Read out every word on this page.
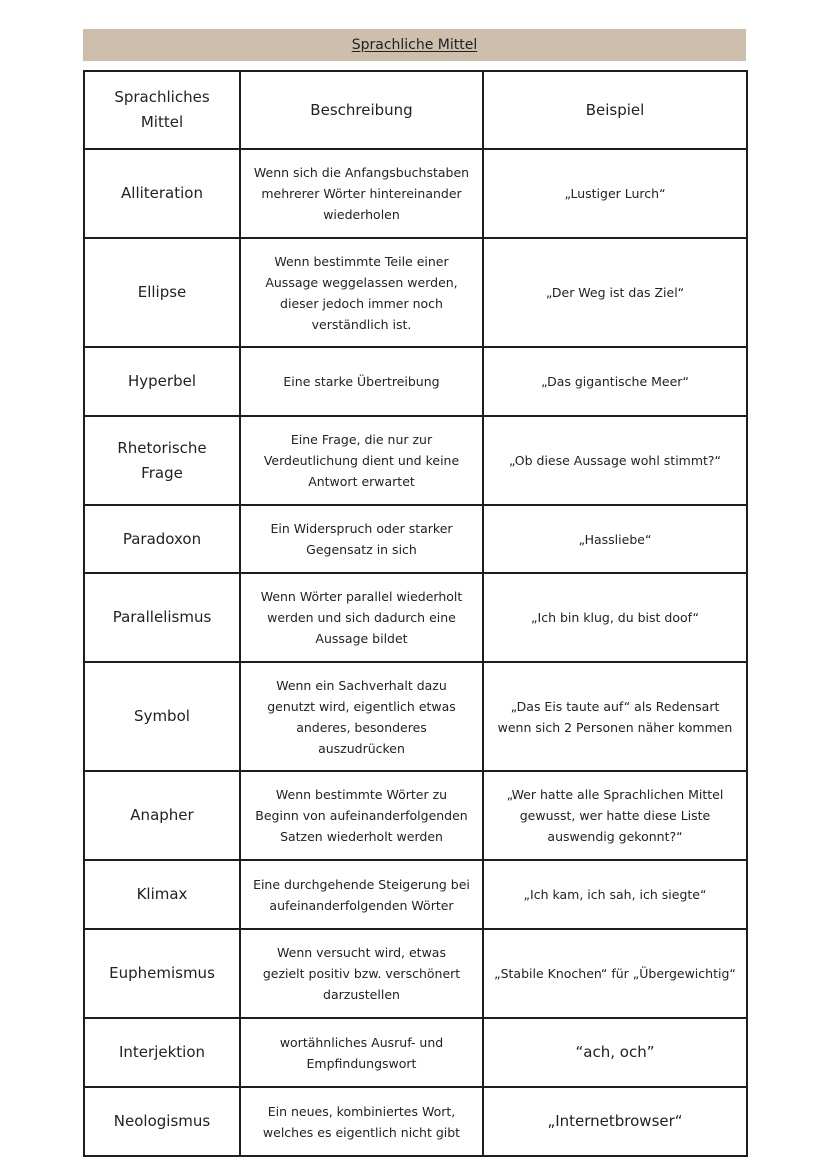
Sprachliche Mittel
Sprachliches Mittel	Beschreibung	Beispiel

Alliteration	Wenn sich die Anfangsbuchstaben mehrerer Wörter hintereinander wiederholen	„Lustiger Lurch“

Ellipse	Wenn bestimmte Teile einer Aussage weggelassen werden, dieser jedoch immer noch verständlich ist.	„Der Weg ist das Ziel“

Hyperbel	Eine starke Übertreibung	„Das gigantische Meer“

Rhetorische Frage	Eine Frage, die nur zur Verdeutlichung dient und keine Antwort erwartet	„Ob diese Aussage wohl stimmt?“

Paradoxon	Ein Widerspruch oder starker Gegensatz in sich	„Hassliebe“

Parallelismus	Wenn Wörter parallel wiederholt werden und sich dadurch eine Aussage bildet	„Ich bin klug, du bist doof“

Symbol	Wenn ein Sachverhalt dazu genutzt wird, eigentlich etwas anderes, besonderes auszudrücken	„Das Eis taute auf“ als Redensart wenn sich 2 Personen näher kommen

Anapher	Wenn bestimmte Wörter zu Beginn von aufeinanderfolgenden Satzen wiederholt werden	„Wer hatte alle Sprachlichen Mittel gewusst, wer hatte diese Liste auswendig gekonnt?“

Klimax	Eine durchgehende Steigerung bei aufeinanderfolgenden Wörter	„Ich kam, ich sah, ich siegte“

Euphemismus	Wenn versucht wird, etwas gezielt positiv bzw. verschönert darzustellen	„Stabile Knochen“ für „Übergewichtig“

Interjektion	wortähnliches Ausruf- und Empfindungswort	“ach, och”

Neologismus	Ein neues, kombiniertes Wort, welches es eigentlich nicht gibt	„Internetbrowser“
